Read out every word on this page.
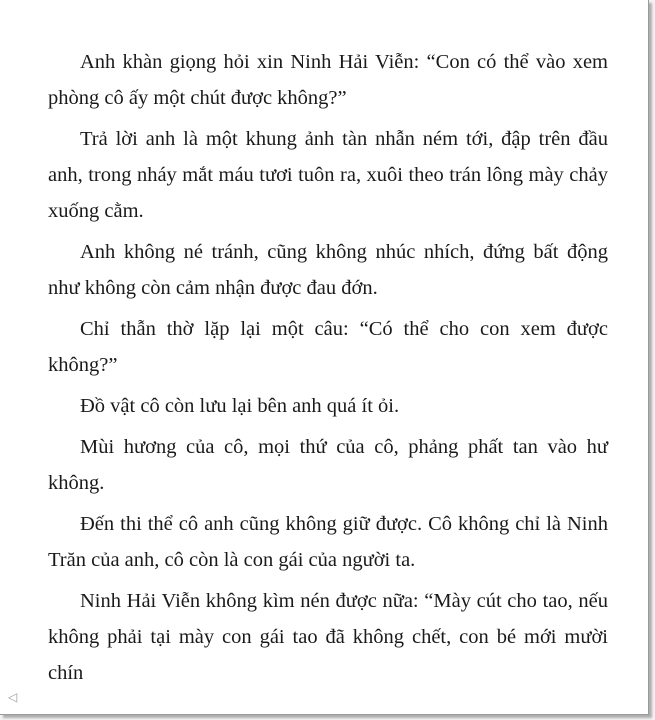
Anh khàn giọng hỏi xin Ninh Hải Viễn: “Con có thể vào xem phòng cô ấy một chút được không?”

Trả lời anh là một khung ảnh tàn nhẫn ném tới, đập trên đầu anh, trong nháy mắt máu tươi tuôn ra, xuôi theo trán lông mày chảy xuống cằm.

Anh không né tránh, cũng không nhúc nhích, đứng bất động như không còn cảm nhận được đau đớn.

Chỉ thẫn thờ lặp lại một câu: “Có thể cho con xem được không?”

Đồ vật cô còn lưu lại bên anh quá ít ỏi.

Mùi hương của cô, mọi thứ của cô, phảng phất tan vào hư không.

Đến thi thể cô anh cũng không giữ được. Cô không chỉ là Ninh Trăn của anh, cô còn là con gái của người ta.

Ninh Hải Viễn không kìm nén được nữa: “Mày cút cho tao, nếu không phải tại mày con gái tao đã không chết, con bé mới mười chín

◁
